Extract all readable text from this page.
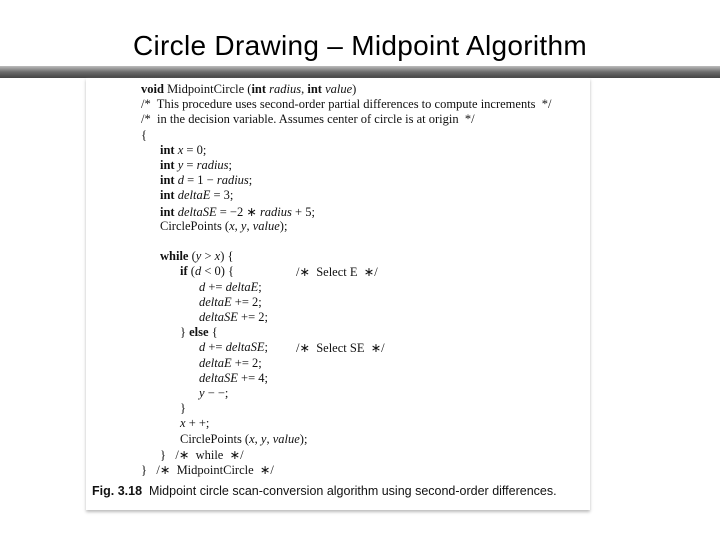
Circle Drawing – Midpoint Algorithm
void MidpointCircle (int radius, int value)
/*  This procedure uses second-order partial differences to compute increments  */
/*  in the decision variable. Assumes center of circle is at origin  */
{
int x = 0;
int y = radius;
int d = 1 − radius;
int deltaE = 3;
int deltaSE = −2 ∗ radius + 5;
CirclePoints (x, y, value);
while (y > x) {
if (d < 0) {	/∗  Select E  ∗/
d += deltaE;
deltaE += 2;
deltaSE += 2;
} else {
d += deltaSE; /∗  Select SE  ∗/
deltaE += 2;
deltaSE += 4;
y − −;
}
x + +;
CirclePoints (x, y, value);
}   /∗  while  ∗/
}   /∗  MidpointCircle  ∗/
Fig. 3.18  Midpoint circle scan-conversion algorithm using second-order differences.
